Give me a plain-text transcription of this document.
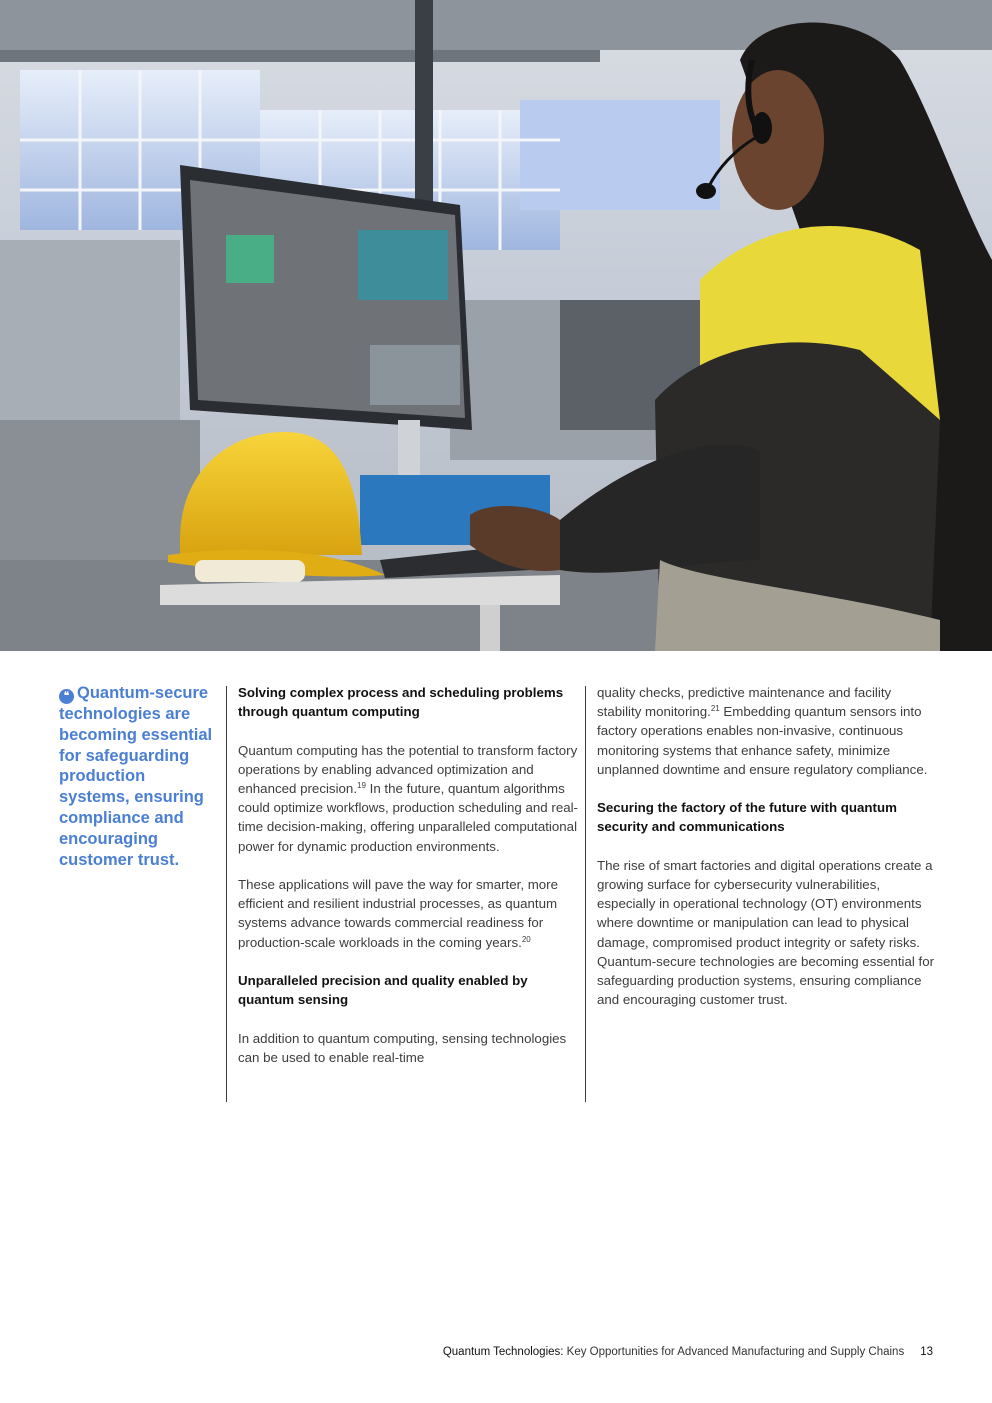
❝ Quantum-secure technologies are becoming essential for safeguarding production systems, ensuring compliance and encouraging customer trust.
Solving complex process and scheduling problems through quantum computing

Quantum computing has the potential to transform factory operations by enabling advanced optimization and enhanced precision.$^{19}$ In the future, quantum algorithms could optimize workflows, production scheduling and real-time decision-making, offering unparalleled computational power for dynamic production environments.

These applications will pave the way for smarter, more efficient and resilient industrial processes, as quantum systems advance towards commercial readiness for production-scale workloads in the coming years.$^{20}$

Unparalleled precision and quality enabled by quantum sensing

In addition to quantum computing, sensing technologies can be used to enable real-time

quality checks, predictive maintenance and facility stability monitoring.$^{21}$ Embedding quantum sensors into factory operations enables non-invasive, continuous monitoring systems that enhance safety, minimize unplanned downtime and ensure regulatory compliance.

Securing the factory of the future with quantum security and communications

The rise of smart factories and digital operations create a growing surface for cybersecurity vulnerabilities, especially in operational technology (OT) environments where downtime or manipulation can lead to physical damage, compromised product integrity or safety risks. Quantum-secure technologies are becoming essential for safeguarding production systems, ensuring compliance and encouraging customer trust.

Quantum Technologies: Key Opportunities for Advanced Manufacturing and Supply Chains 13
